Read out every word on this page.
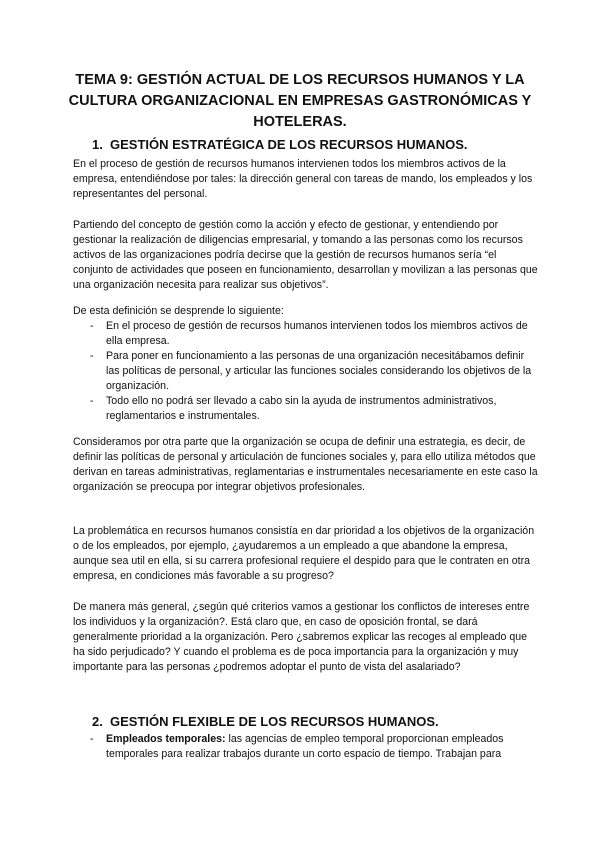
TEMA 9: GESTIÓN ACTUAL DE LOS RECURSOS HUMANOS Y LA CULTURA ORGANIZACIONAL EN EMPRESAS GASTRONÓMICAS Y HOTELERAS.
1. GESTIÓN ESTRATÉGICA DE LOS RECURSOS HUMANOS.

En el proceso de gestión de recursos humanos intervienen todos los miembros activos de la empresa, entendiéndose por tales: la dirección general con tareas de mando, los empleados y los representantes del personal.

Partiendo del concepto de gestión como la acción y efecto de gestionar, y entendiendo por gestionar la realización de diligencias empresarial, y tomando a las personas como los recursos activos de las organizaciones podría decirse que la gestión de recursos humanos sería “el conjunto de actividades que poseen en funcionamiento, desarrollan y movilizan a las personas que una organización necesita para realizar sus objetivos”.

De esta definición se desprende lo siguiente:

- En el proceso de gestión de recursos humanos intervienen todos los miembros activos de ella empresa.
- Para poner en funcionamiento a las personas de una organización necesitábamos definir las políticas de personal, y articular las funciones sociales considerando los objetivos de la organización.
- Todo ello no podrá ser llevado a cabo sin la ayuda de instrumentos administrativos, reglamentarios e instrumentales.

Consideramos por otra parte que la organización se ocupa de definir una estrategia, es decir, de definir las políticas de personal y articulación de funciones sociales y, para ello utiliza métodos que derivan en tareas administrativas, reglamentarias e instrumentales necesariamente en este caso la organización se preocupa por integrar objetivos profesionales.

La problemática en recursos humanos consistía en dar prioridad a los objetivos de la organización o de los empleados, por ejemplo, ¿ayudaremos a un empleado a que abandone la empresa, aunque sea util en ella, si su carrera profesional requiere el despido para que le contraten en otra empresa, en condiciones más favorable a su progreso?

De manera más general, ¿según qué criterios vamos a gestionar los conflictos de intereses entre los individuos y la organización?. Está claro que, en caso de oposición frontal, se dará generalmente prioridad a la organización. Pero ¿sabremos explicar las recoges al empleado que ha sido perjudicado? Y cuando el problema es de poca importancia para la organización y muy importante para las personas ¿podremos adoptar el punto de vista del asalariado?

2. GESTIÓN FLEXIBLE DE LOS RECURSOS HUMANOS.
- Empleados temporales: las agencias de empleo temporal proporcionan empleados temporales para realizar trabajos durante un corto espacio de tiempo. Trabajan para
